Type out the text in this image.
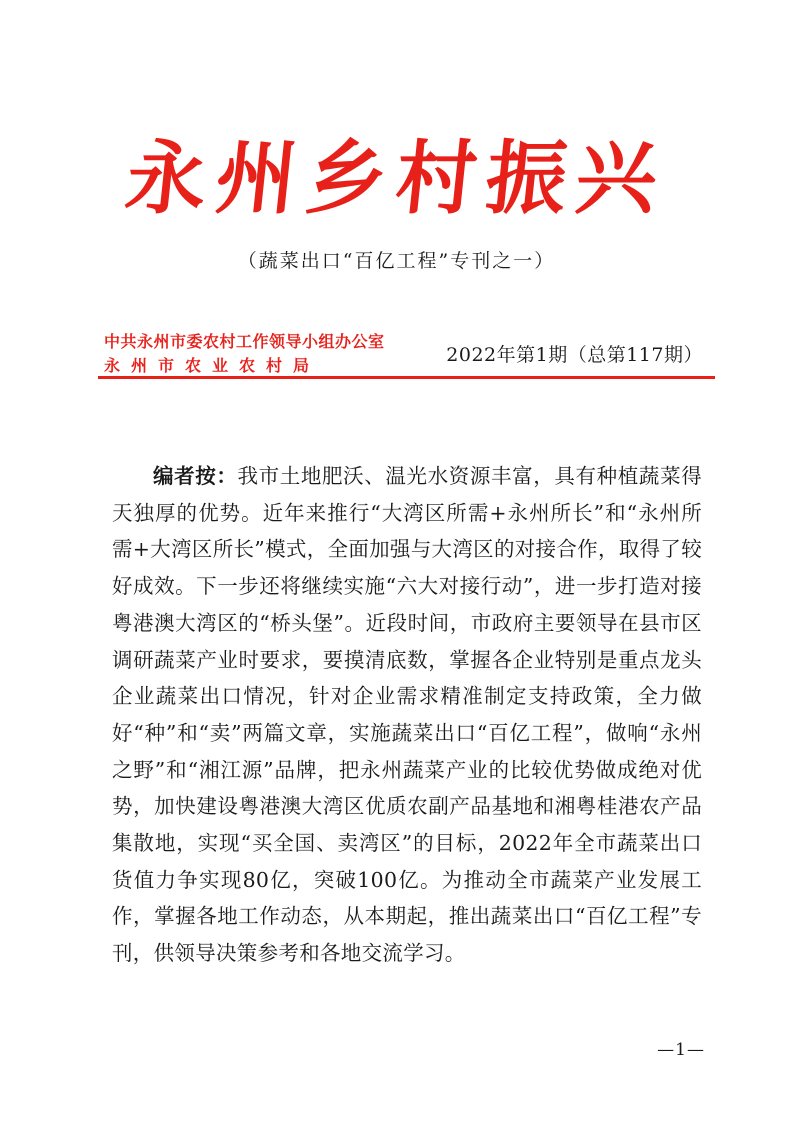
永州乡村振兴
（蔬菜出口“百亿工程”专刊之一）
中共永州市委农村工作领导小组办公室
永州市农业农村局	2022年第1期（总第117期）

编者按：我市土地肥沃、温光水资源丰富，具有种植蔬菜得天独厚的优势。近年来推行“大湾区所需+永州所长”和“永州所需+大湾区所长”模式，全面加强与大湾区的对接合作，取得了较好成效。下一步还将继续实施“六大对接行动”，进一步打造对接粤港澳大湾区的“桥头堡”。近段时间，市政府主要领导在县市区调研蔬菜产业时要求，要摸清底数，掌握各企业特别是重点龙头企业蔬菜出口情况，针对企业需求精准制定支持政策，全力做好“种”和“卖”两篇文章，实施蔬菜出口“百亿工程”，做响“永州之野”和“湘江源”品牌，把永州蔬菜产业的比较优势做成绝对优势，加快建设粤港澳大湾区优质农副产品基地和湘粤桂港农产品集散地，实现“买全国、卖湾区”的目标，2022年全市蔬菜出口货值力争实现80亿，突破100亿。为推动全市蔬菜产业发展工作，掌握各地工作动态，从本期起，推出蔬菜出口“百亿工程”专刊，供领导决策参考和各地交流学习。

—1—
